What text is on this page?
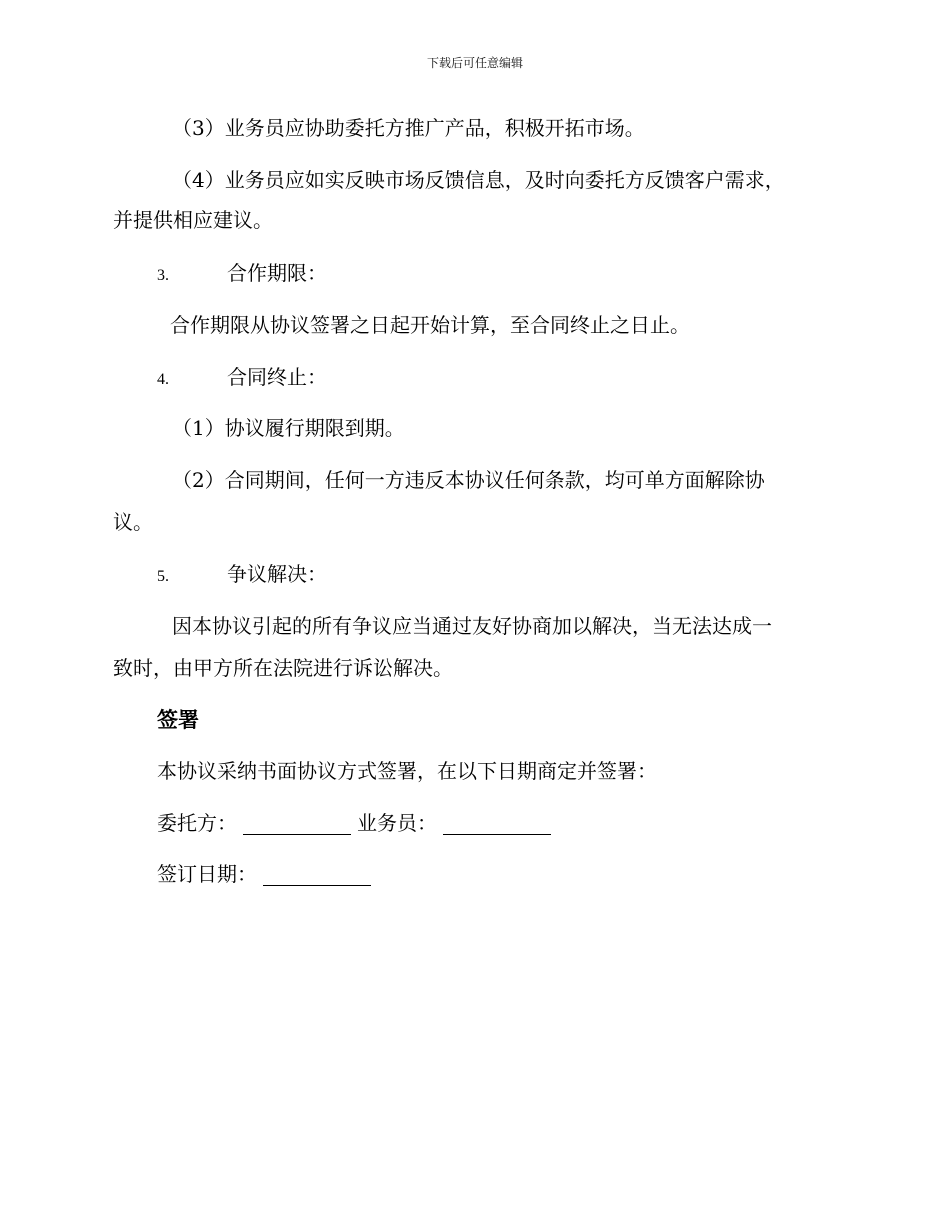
下载后可任意编辑
（3）业务员应协助委托方推广产品，积极开拓市场。
（4）业务员应如实反映市场反馈信息，及时向委托方反馈客户需求，
并提供相应建议。
3.	合作期限：
合作期限从协议签署之日起开始计算，至合同终止之日止。
4.	合同终止：
（1）协议履行期限到期。
（2）合同期间，任何一方违反本协议任何条款，均可单方面解除协
议。
5.	争议解决：
因本协议引起的所有争议应当通过友好协商加以解决，当无法达成一
致时，由甲方所在法院进行诉讼解决。
签署
本协议采纳书面协议方式签署，在以下日期商定并签署：
委托方：	业务员：
签订日期：
